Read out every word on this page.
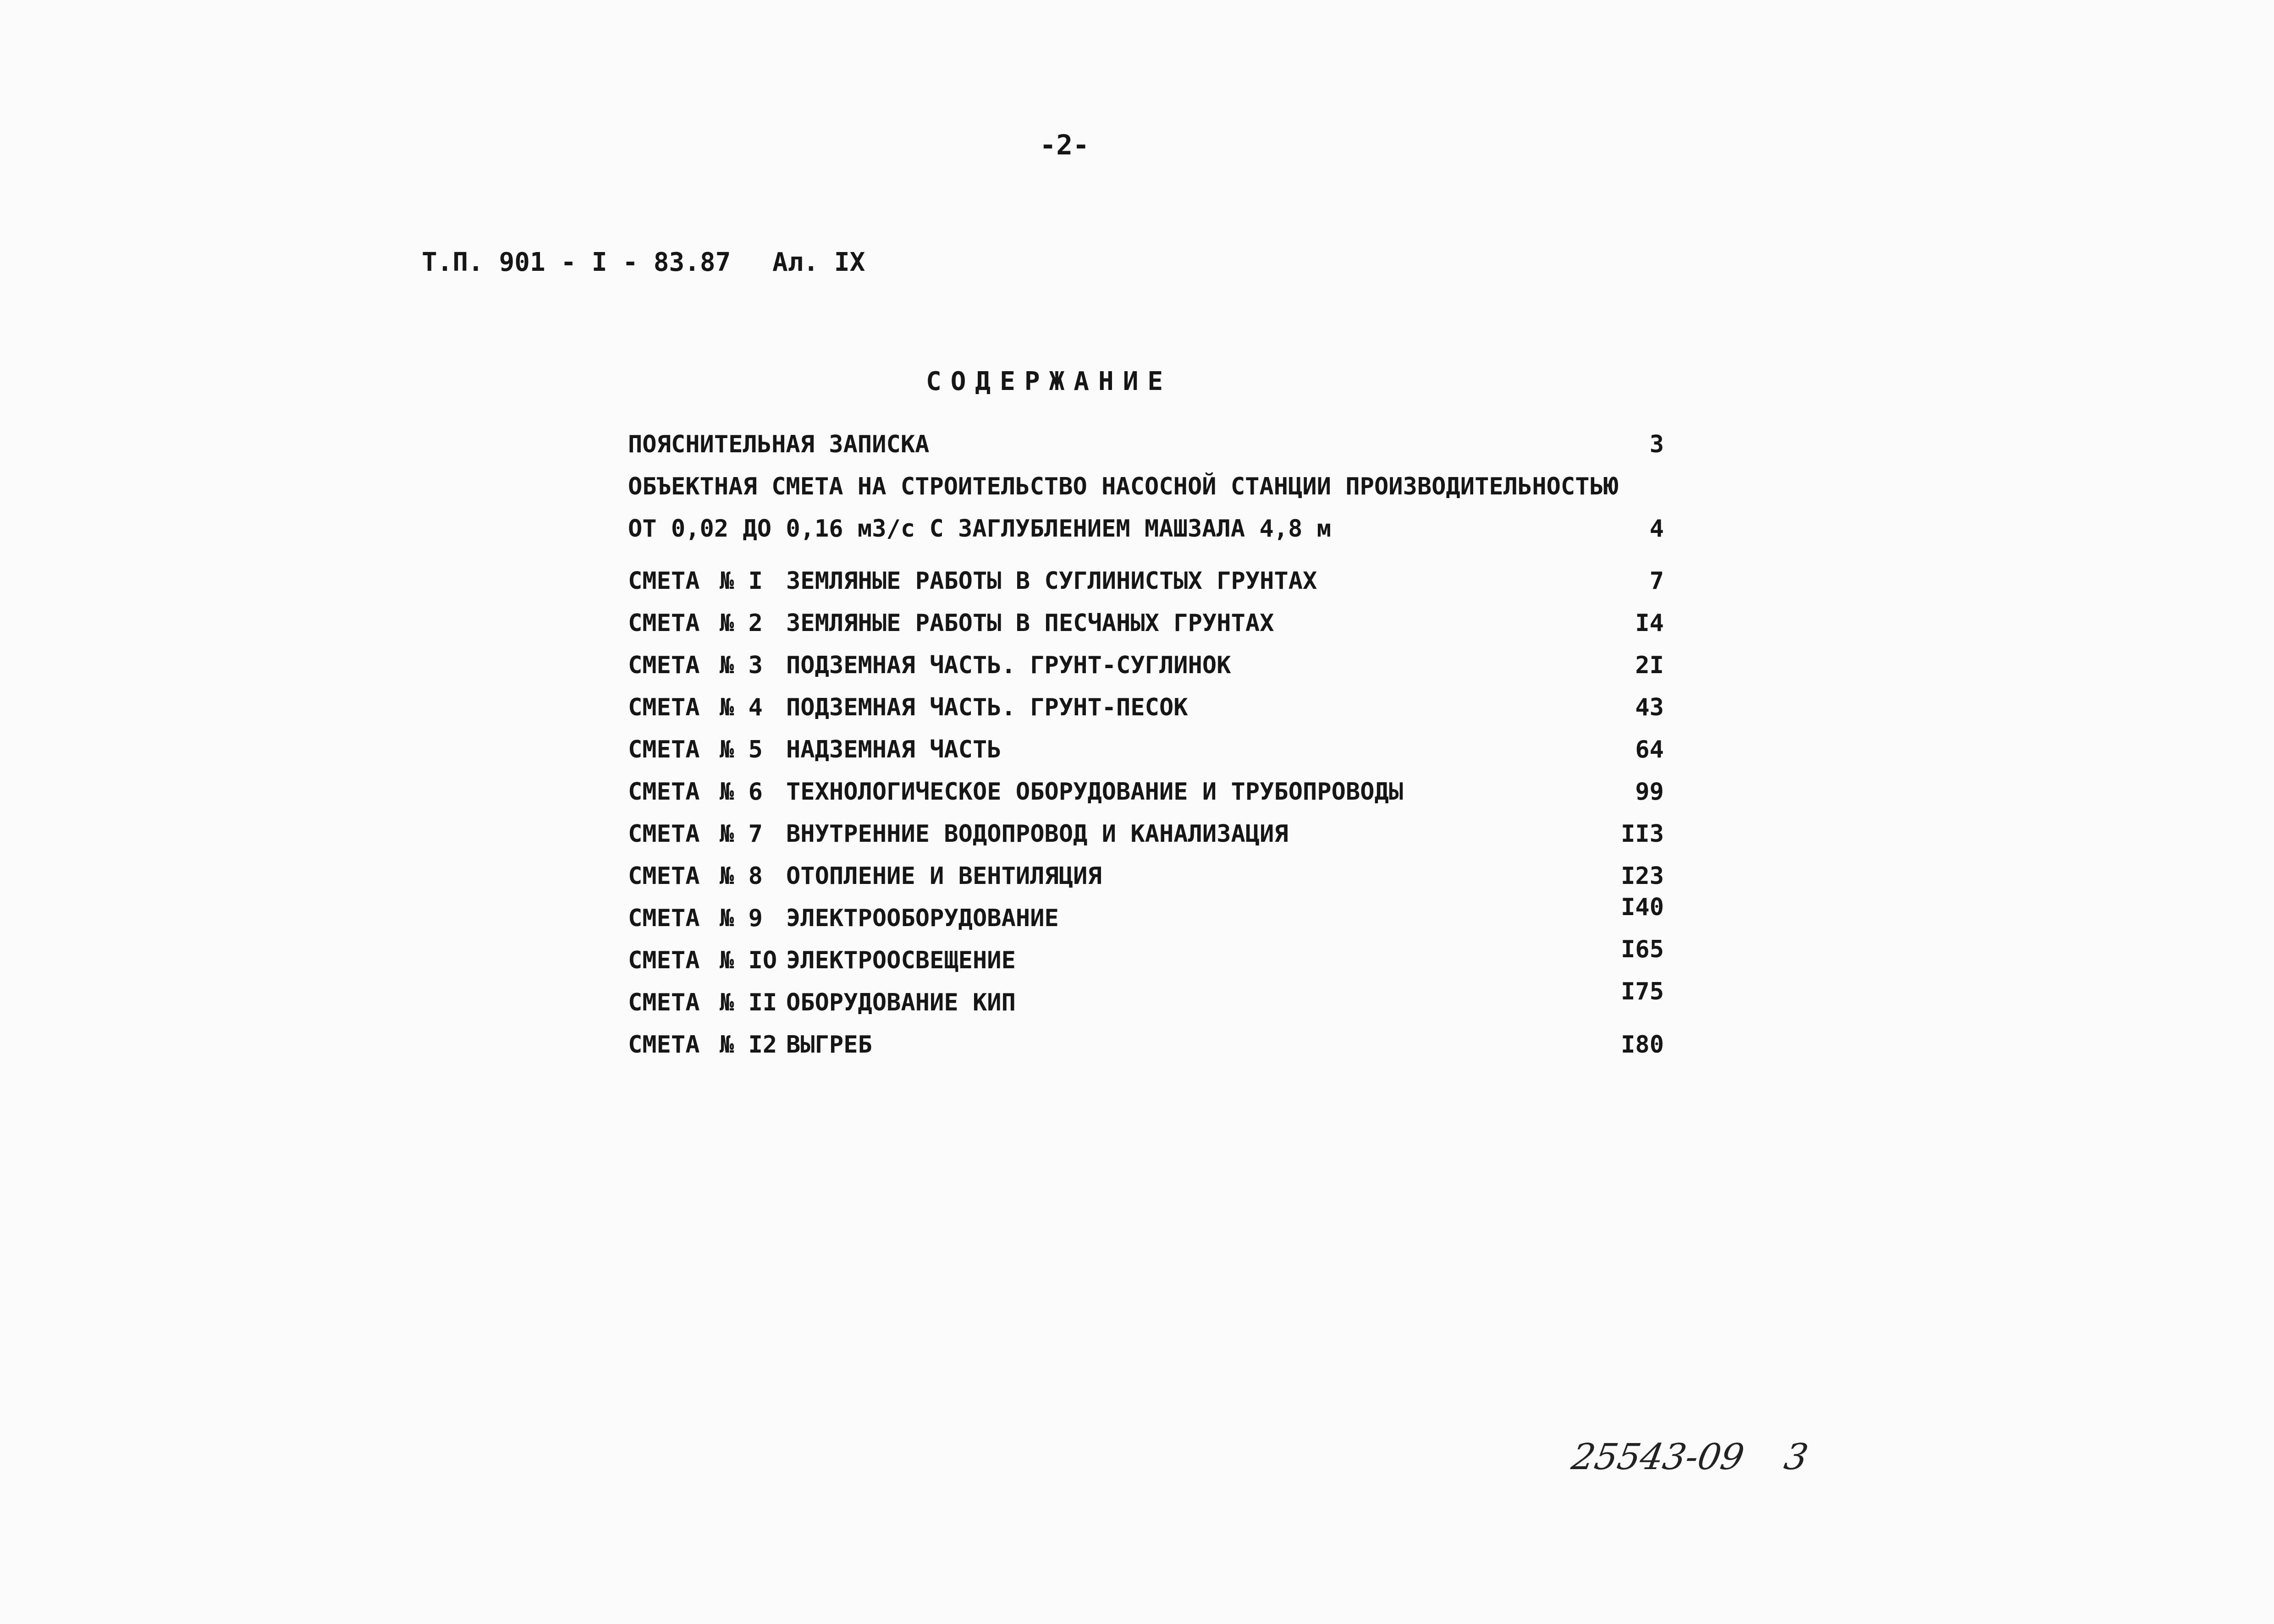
-2-
Т.П. 901 - I - 83.87 Ал. IX
СОДЕРЖАНИЕ
ПОЯСНИТЕЛЬНАЯ ЗАПИСКА	3
ОБЪЕКТНАЯ СМЕТА НА СТРОИТЕЛЬСТВО НАСОСНОЙ СТАНЦИИ ПРОИЗВОДИТЕЛЬНОСТЬЮ
ОТ 0,02 ДО 0,16 м3/с С ЗАГЛУБЛЕНИЕМ МАШЗАЛА 4,8 м	4
СМЕТА № I ЗЕМЛЯНЫЕ РАБОТЫ В СУГЛИНИСТЫХ ГРУНТАХ	7
СМЕТА № 2 ЗЕМЛЯНЫЕ РАБОТЫ В ПЕСЧАНЫХ ГРУНТАХ	I4
СМЕТА № 3 ПОДЗЕМНАЯ ЧАСТЬ. ГРУНТ-СУГЛИНОК	2I
СМЕТА № 4 ПОДЗЕМНАЯ ЧАСТЬ. ГРУНТ-ПЕСОК	43
СМЕТА № 5 НАДЗЕМНАЯ ЧАСТЬ	64
СМЕТА № 6 ТЕХНОЛОГИЧЕСКОЕ ОБОРУДОВАНИЕ И ТРУБОПРОВОДЫ	99
СМЕТА № 7 ВНУТРЕННИЕ ВОДОПРОВОД И КАНАЛИЗАЦИЯ	II3
СМЕТА № 8 ОТОПЛЕНИЕ И ВЕНТИЛЯЦИЯ	I23
СМЕТА № 9 ЭЛЕКТРООБОРУДОВАНИЕ	I40
СМЕТА № IO ЭЛЕКТРООСВЕЩЕНИЕ	I65
СМЕТА № II ОБОРУДОВАНИЕ КИП	I75
СМЕТА № I2 ВЫГРЕБ	I80
25543-09 3
